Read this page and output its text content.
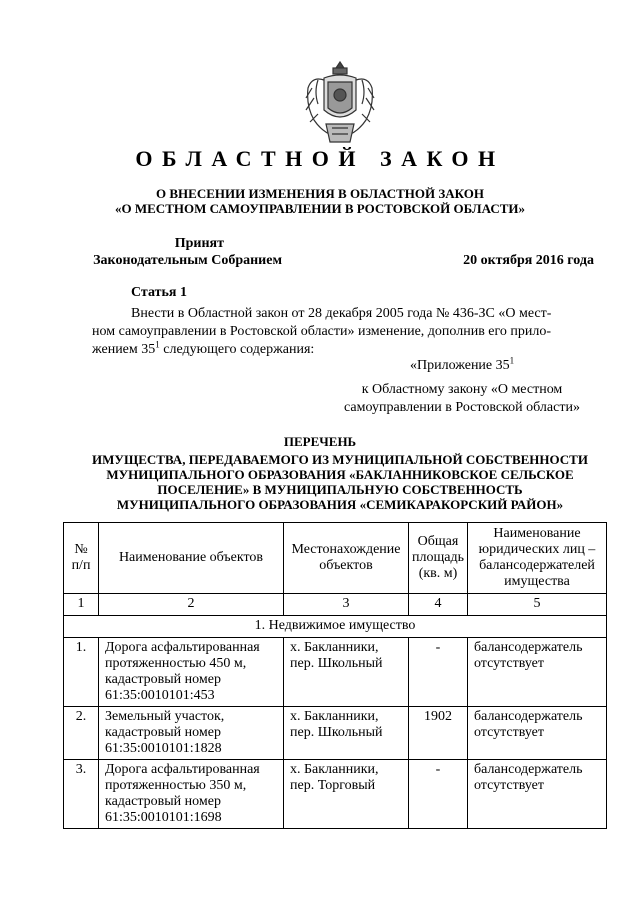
ОБЛАСТНОЙ ЗАКОН
О ВНЕСЕНИИ ИЗМЕНЕНИЯ В ОБЛАСТНОЙ ЗАКОН
«О МЕСТНОМ САМОУПРАВЛЕНИИ В РОСТОВСКОЙ ОБЛАСТИ»
Принят
Законодательным Собранием	20 октября 2016 года
Статья 1
Внести в Областной закон от 28 декабря 2005 года № 436-ЗС «О мест-
ном самоуправлении в Ростовской области» изменение, дополнив его прило-
жением $35^1$ следующего содержания:
«Приложение $35^1$
к Областному закону «О местном
самоуправлении в Ростовской области»
ПЕРЕЧЕНЬ
ИМУЩЕСТВА, ПЕРЕДАВАЕМОГО ИЗ МУНИЦИПАЛЬНОЙ СОБСТВЕННОСТИ
МУНИЦИПАЛЬНОГО ОБРАЗОВАНИЯ «БАКЛАННИКОВСКОЕ СЕЛЬСКОЕ
ПОСЕЛЕНИЕ» В МУНИЦИПАЛЬНУЮ СОБСТВЕННОСТЬ
МУНИЦИПАЛЬНОГО ОБРАЗОВАНИЯ «СЕМИКАРАКОРСКИЙ РАЙОН»
№ п/п	Наименование объектов	Местонахождение объектов	Общая площадь (кв. м)	Наименование юридических лиц – балансодержателей имущества
1	2	3	4	5
1. Недвижимое имущество				
1.	Дорога асфальтированная протяженностью 450 м, кадастровый номер 61:35:0010101:453	х. Бакланники, пер. Школьный	-	балансодержатель отсутствует
2.	Земельный участок, кадастровый номер 61:35:0010101:1828	х. Бакланники, пер. Школьный	1902	балансодержатель отсутствует
3.	Дорога асфальтированная протяженностью 350 м, кадастровый номер 61:35:0010101:1698	х. Бакланники, пер. Торговый	-	балансодержатель отсутствует
